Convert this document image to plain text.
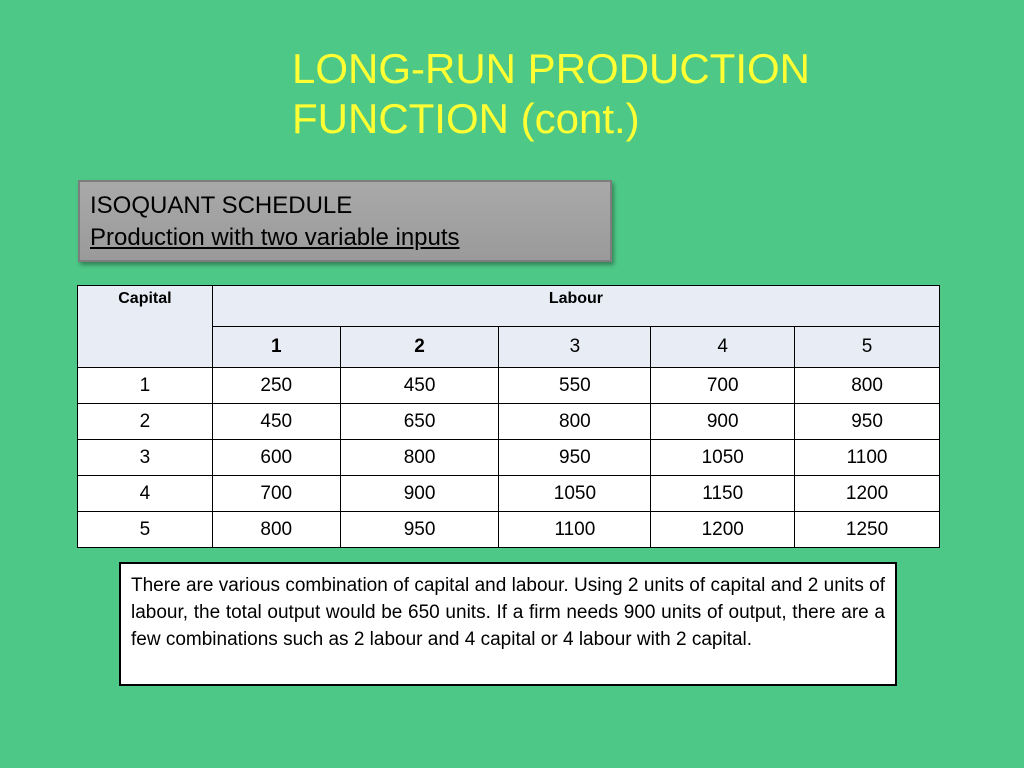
LONG-RUN PRODUCTION
FUNCTION (cont.)
ISOQUANT SCHEDULE
Production with two variable inputs
Capital	Labour				
	1	2	3	4	5
1	250	450	550	700	800
2	450	650	800	900	950
3	600	800	950	1050	1100
4	700	900	1050	1150	1200
5	800	950	1100	1200	1250
There are various combination of capital and labour. Using 2 units of capital and 2 units of labour, the total output would be 650 units. If a firm needs 900 units of output, there are a few combinations such as 2 labour and 4 capital or 4 labour with 2 capital.
